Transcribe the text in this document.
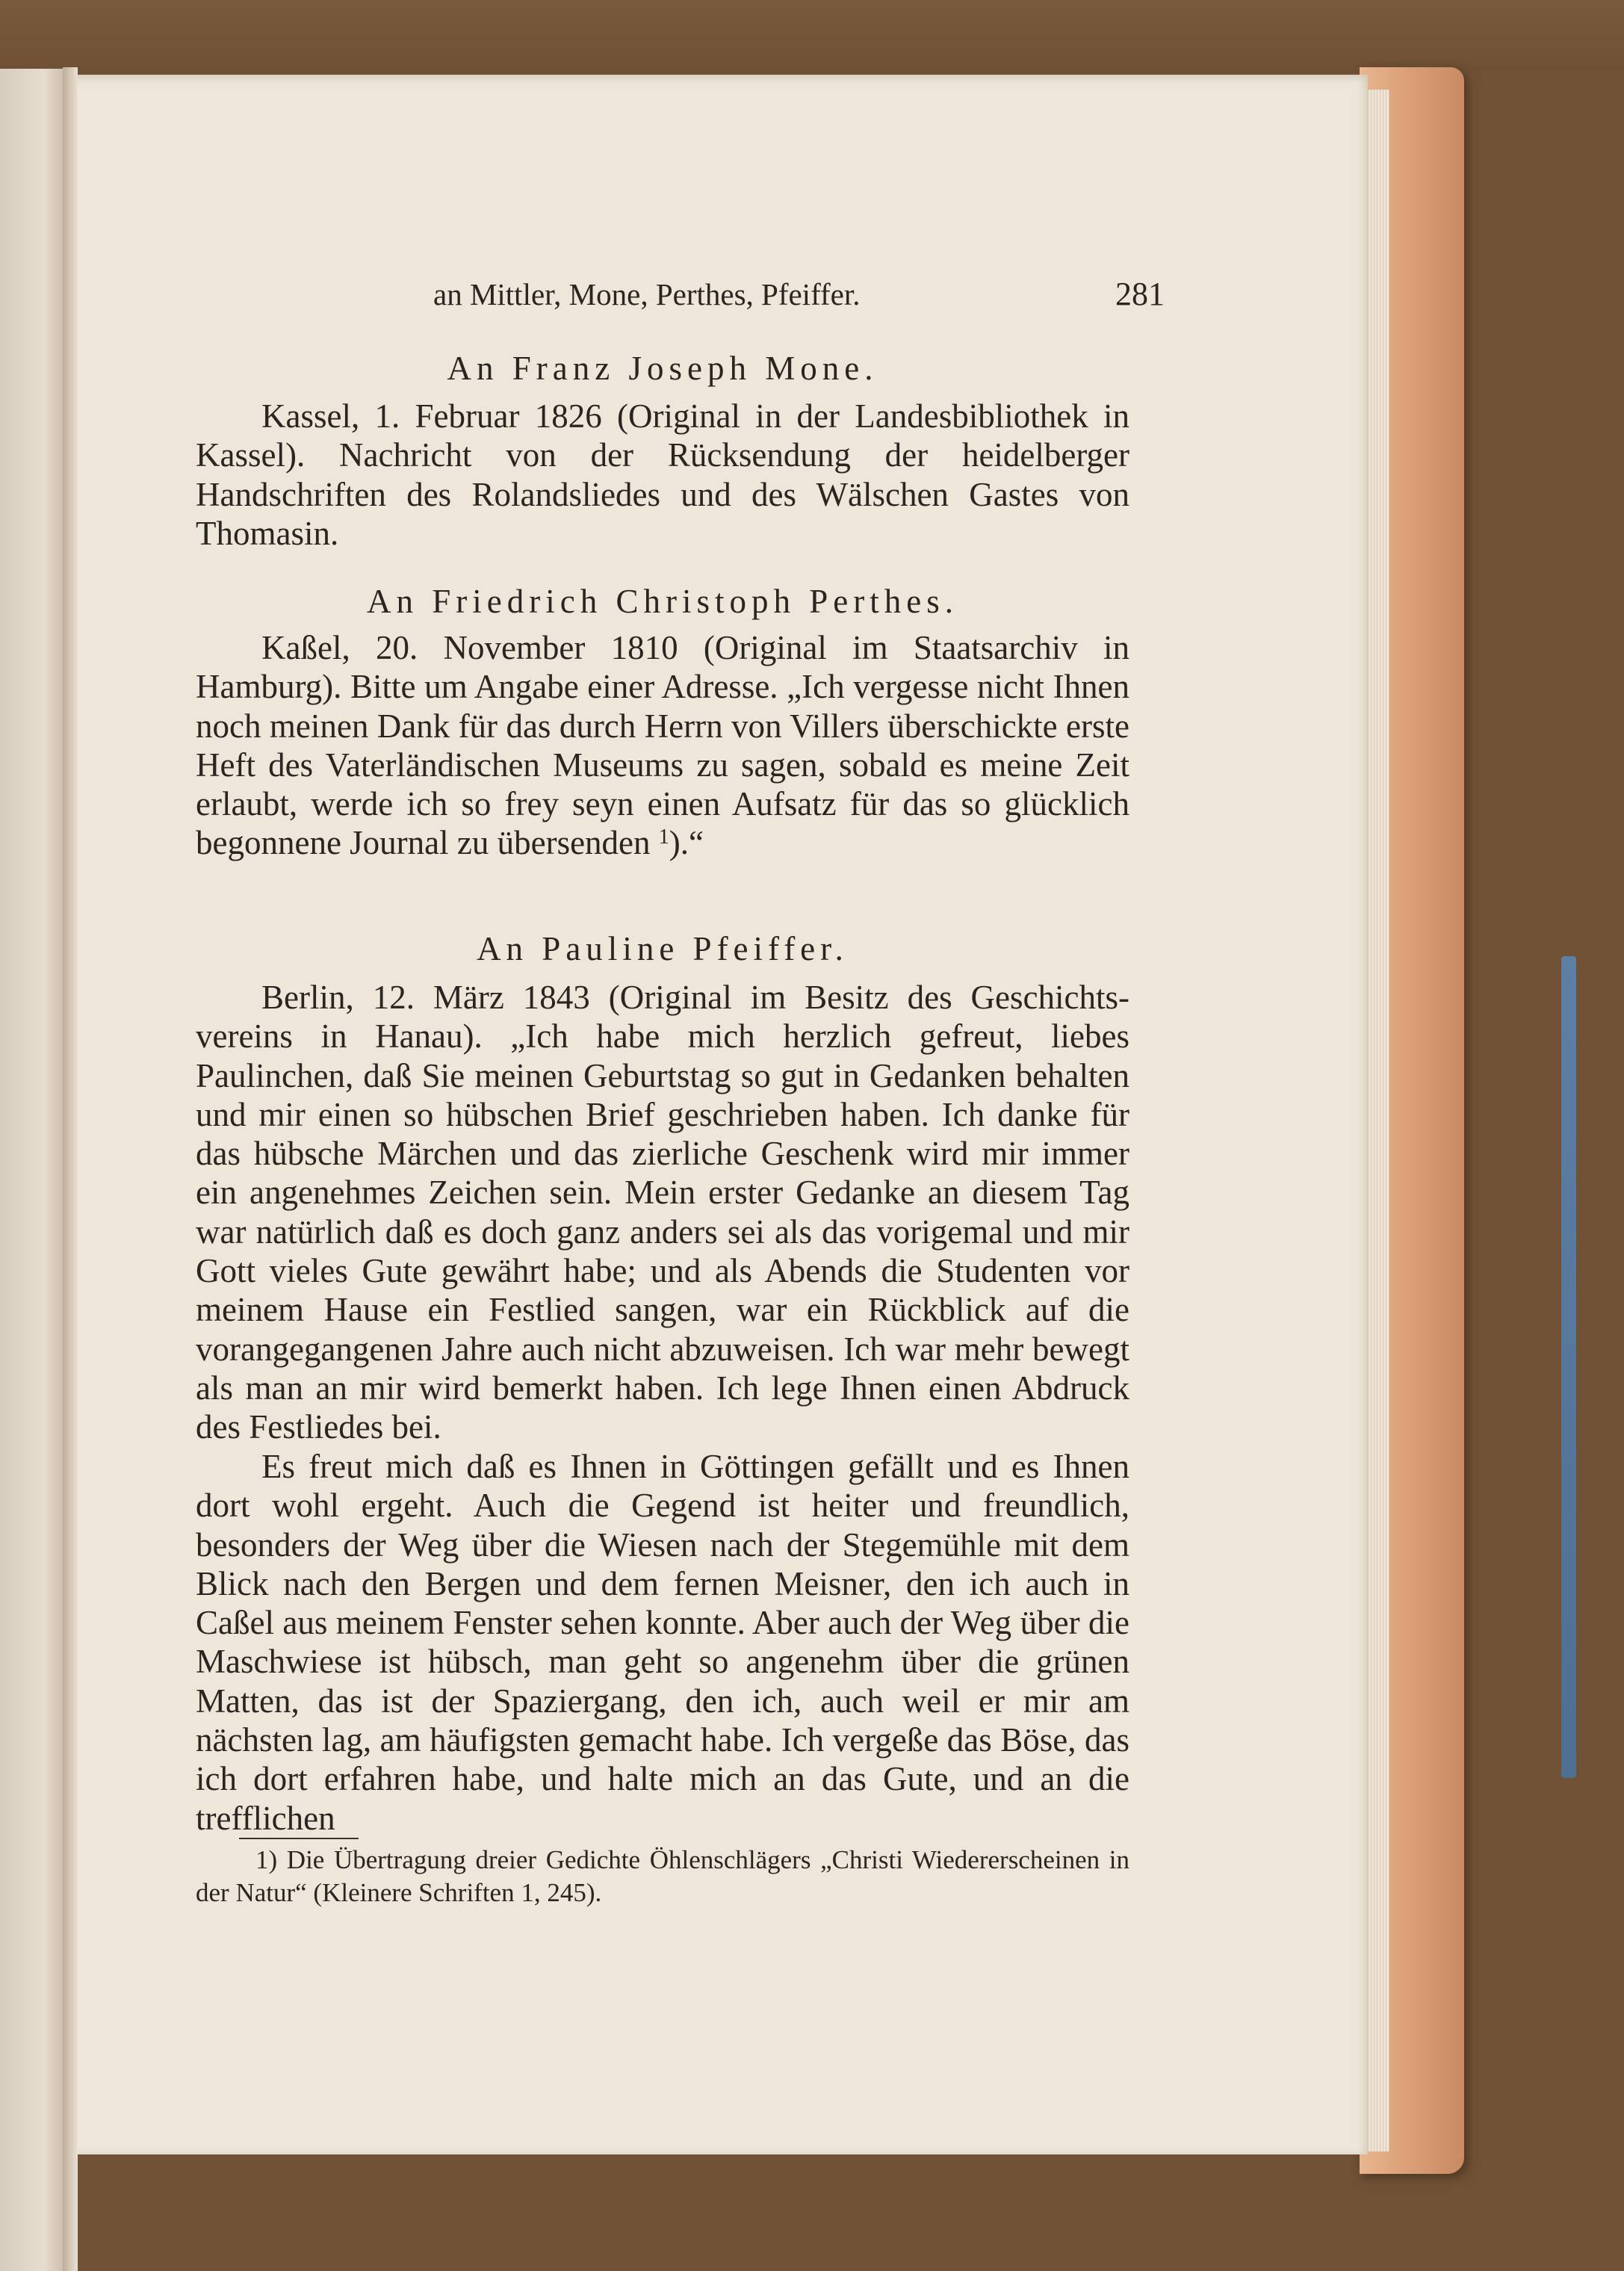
an Mittler, Mone, Perthes, Pfeiffer.	281
An Franz Joseph Mone.
Kassel, 1. Februar 1826 (Original in der Landesbibliothek in Kassel). Nachricht von der Rücksendung der heidelberger Handschriften des Rolandsliedes und des Wälschen Gastes von Thomasin.
An Friedrich Christoph Perthes.
Kaßel, 20. November 1810 (Original im Staatsarchiv in Hamburg). Bitte um Angabe einer Adresse. „Ich vergesse nicht Ihnen noch meinen Dank für das durch Herrn von Villers überschickte erste Heft des Vaterländischen Museums zu sagen, sobald es meine Zeit erlaubt, werde ich so frey seyn einen Aufsatz für das so glücklich begonnene Journal zu übersenden $^1$).“
An Pauline Pfeiffer.
Berlin, 12. März 1843 (Original im Besitz des Geschichtsvereins in Hanau). „Ich habe mich herzlich gefreut, liebes Paulinchen, daß Sie meinen Geburtstag so gut in Gedanken behalten und mir einen so hübschen Brief geschrieben haben. Ich danke für das hübsche Märchen und das zierliche Geschenk wird mir immer ein angenehmes Zeichen sein. Mein erster Gedanke an diesem Tag war natürlich daß es doch ganz anders sei als das vorigemal und mir Gott vieles Gute gewährt habe; und als Abends die Studenten vor meinem Hause ein Festlied sangen, war ein Rückblick auf die vorangegangenen Jahre auch nicht abzuweisen. Ich war mehr bewegt als man an mir wird bemerkt haben. Ich lege Ihnen einen Abdruck des Festliedes bei.
Es freut mich daß es Ihnen in Göttingen gefällt und es Ihnen dort wohl ergeht. Auch die Gegend ist heiter und freundlich, besonders der Weg über die Wiesen nach der Stegemühle mit dem Blick nach den Bergen und dem fernen Meisner, den ich auch in Caßel aus meinem Fenster sehen konnte. Aber auch der Weg über die Maschwiese ist hübsch, man geht so angenehm über die grünen Matten, das ist der Spaziergang, den ich, auch weil er mir am nächsten lag, am häufigsten gemacht habe. Ich vergeße das Böse, das ich dort erfahren habe, und halte mich an das Gute, und an die trefflichen
1) Die Übertragung dreier Gedichte Öhlenschlägers „Christi Wiedererscheinen in der Natur“ (Kleinere Schriften 1, 245).
